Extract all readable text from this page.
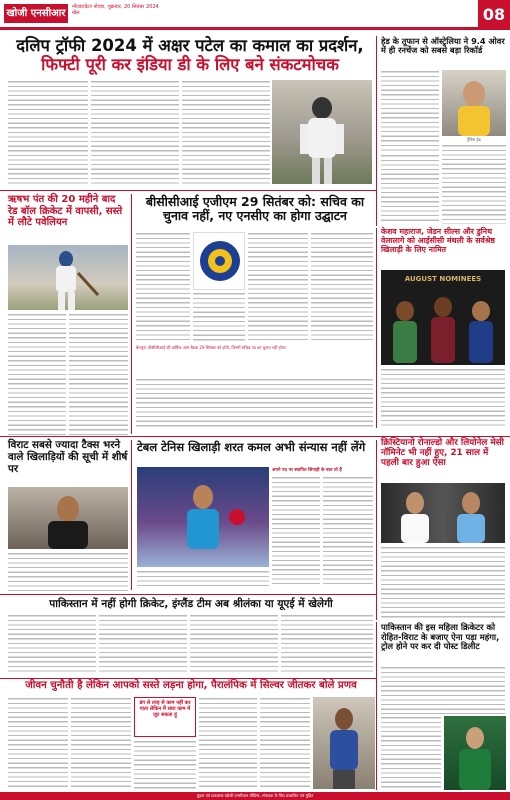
खोजी एनसीआर
नोएडा/ग्रेटर नोएडा, शुक्रवार, 20 सितंबर 2024
खेल	08
दलिप ट्रॉफी 2024 में अक्षर पटेल का कमाल का प्रदर्शन,
फिफ्टी पूरी कर इंडिया डी के लिए बने संकटमोचक
हेड के तूफान से ऑस्ट्रेलिया ने 9.4 ओवर में ही रनचेंज को सबसे बड़ा रिकॉर्ड
ट्रैविस हेड
ऋषभ पंत की 20 महीने बाद रेड बॉल क्रिकेट में वापसी, सस्ते में लौटे पवेलियन
बीसीसीआई एजीएम 29 सितंबर को: सचिव का चुनाव नहीं, नए एनसीए का होगा उद्घाटन
बेंगलुरु: बीसीसीआई की वार्षिक आम बैठक 29 सितंबर को होगी, जिसमें सचिव पद का चुनाव नहीं होगा।
केशव महाराज, जेडन सील्स और डुनिथ वेलालागे को आईसीसी मंथली के सर्वश्रेष्ठ खिलाड़ी के लिए नामित
AUGUST NOMINEES
विराट सबसे ज्यादा टैक्स भरने वाले खिलाड़ियों की सूची में शीर्ष पर
टेबल टेनिस खिलाड़ी शरत कमल अभी संन्यास नहीं लेंगे
अपने पद पर स्थापित सिपाही के बात तो हैं
क्रिस्टियानो रोनाल्डो और लियोनेल मेसी नॉमिनेट भी नहीं हुए, 21 साल में पहली बार हुआ ऐसा
पाकिस्तान में नहीं होगी क्रिकेट, इंग्लैंड टीम अब श्रीलंका या यूएई में खेलेगी
जीवन चुनौती है लेकिन आपको सस्ते लड़ना होगा, पैरालंपिक में सिल्वर जीतकर बोले प्रणव
ढंग से तरह से काम नहीं कर पाता लेकिन मैं सारा काम में जुट सकता हूं
पाकिस्तान की इस महिला क्रिकेटर को रोहित-विराट के बजाए ऐना पड़ा महंगा, ट्रोल होने पर कर दी पोस्ट डिलीट
मुद्रक एवं प्रकाशक खोजी एनसीआर मीडिया, संपादक के लिए प्रकाशित एवं मुद्रित
